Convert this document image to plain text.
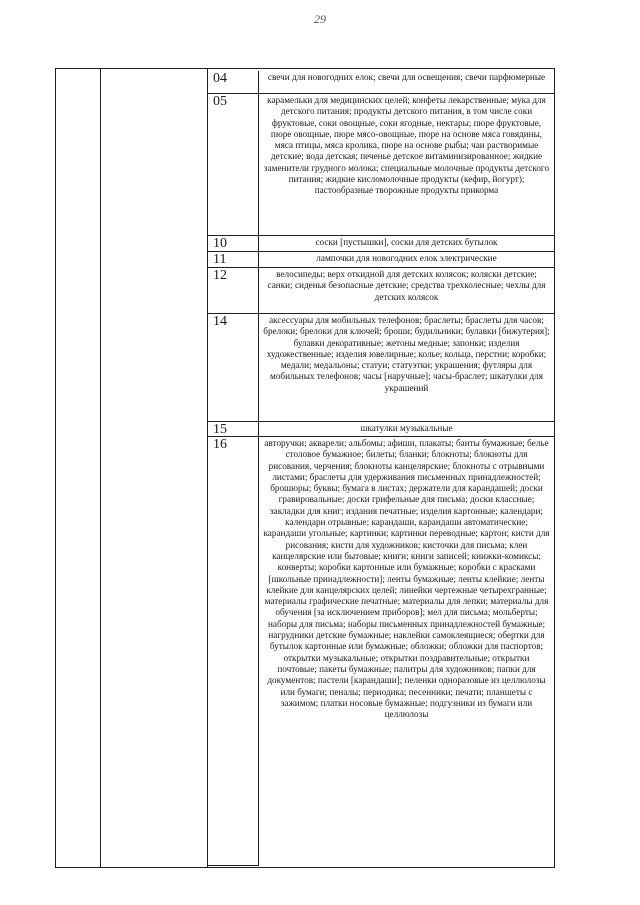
29
04	свечи для новогодних елок; свечи для освещения; свечи парфюмерные
05	карамельки для медицинских целей; конфеты лекарственные; мука для детского питания; продукты детского питания, в том числе соки фруктовые, соки овощные, соки ягодные, нектары; пюре фруктовые, пюре овощные, пюре мясо-овощные, пюре на основе мяса говядины, мяса птицы, мяса кролика, пюре на основе рыбы; чаи растворимые детские; вода детская; печенье детское витаминизированное; жидкие заменители грудного молока; специальные молочные продукты детского питания; жидкие кисломолочные продукты (кефир, йогурт); пастообразные творожные продукты прикорма
10	соски [пустышки], соски для детских бутылок
11	лампочки для новогодних елок электрические
12	велосипеды; верх откидной для детских колясок; коляски детские; санки; сиденья безопасные детские; средства трехколесные; чехлы для детских колясок
14	аксессуары для мобильных телефонов; браслеты; браслеты для часов; брелоки; брелоки для ключей; броши; будильники; булавки [бижутерия]; булавки декоративные; жетоны медные; запонки; изделия художественные; изделия ювелирные; колье; кольца, перстни; коробки; медали; медальоны; статуи; статуэтки; украшения; футляры для мобильных телефонов; часы [наручные]; часы-браслет; шкатулки для украшений
15	шкатулки музыкальные
16	авторучки; акварели; альбомы; афиши, плакаты; банты бумажные; белье столовое бумажное; билеты; бланки; блокноты; блокноты для рисования, черчения; блокноты канцелярские; блокноты с отрывными листами; браслеты для удерживания письменных принадлежностей; брошюры; буквы; бумага в листах; держатели для карандашей; доски гравировальные; доски грифельные для письма; доски классные; закладки для книг; издания печатные; изделия картонные; календари; календари отрывные; карандаши, карандаши автоматические; карандаши угольные; картинки; картинки переводные; картон; кисти для рисования; кисти для художников; кисточки для письма; клеи канцелярские или бытовые; книги; книги записей; книжки-комиксы; конверты; коробки картонные или бумажные; коробки с красками [школьные принадлежности]; ленты бумажные; ленты клейкие; ленты клейкие для канцелярских целей; линейки чертежные четырехгранные; материалы графические печатные; материалы для лепки; материалы для обучения [за исключением приборов]; мел для письма; мольберты; наборы для письма; наборы письменных принадлежностей бумажные; нагрудники детские бумажные; наклейки самоклеящиеся; обертки для бутылок картонные или бумажные; обложки; обложки для паспортов; открытки музыкальные; открытки поздравительные; открытки почтовые; пакеты бумажные; палитры для художников; папки для документов; пастели [карандаши]; пеленки одноразовые из целлюлозы или бумаги; пеналы; периодика; песенники; печати; планшеты с зажимом; платки носовые бумажные; подгузники из бумаги или целлюлозы
